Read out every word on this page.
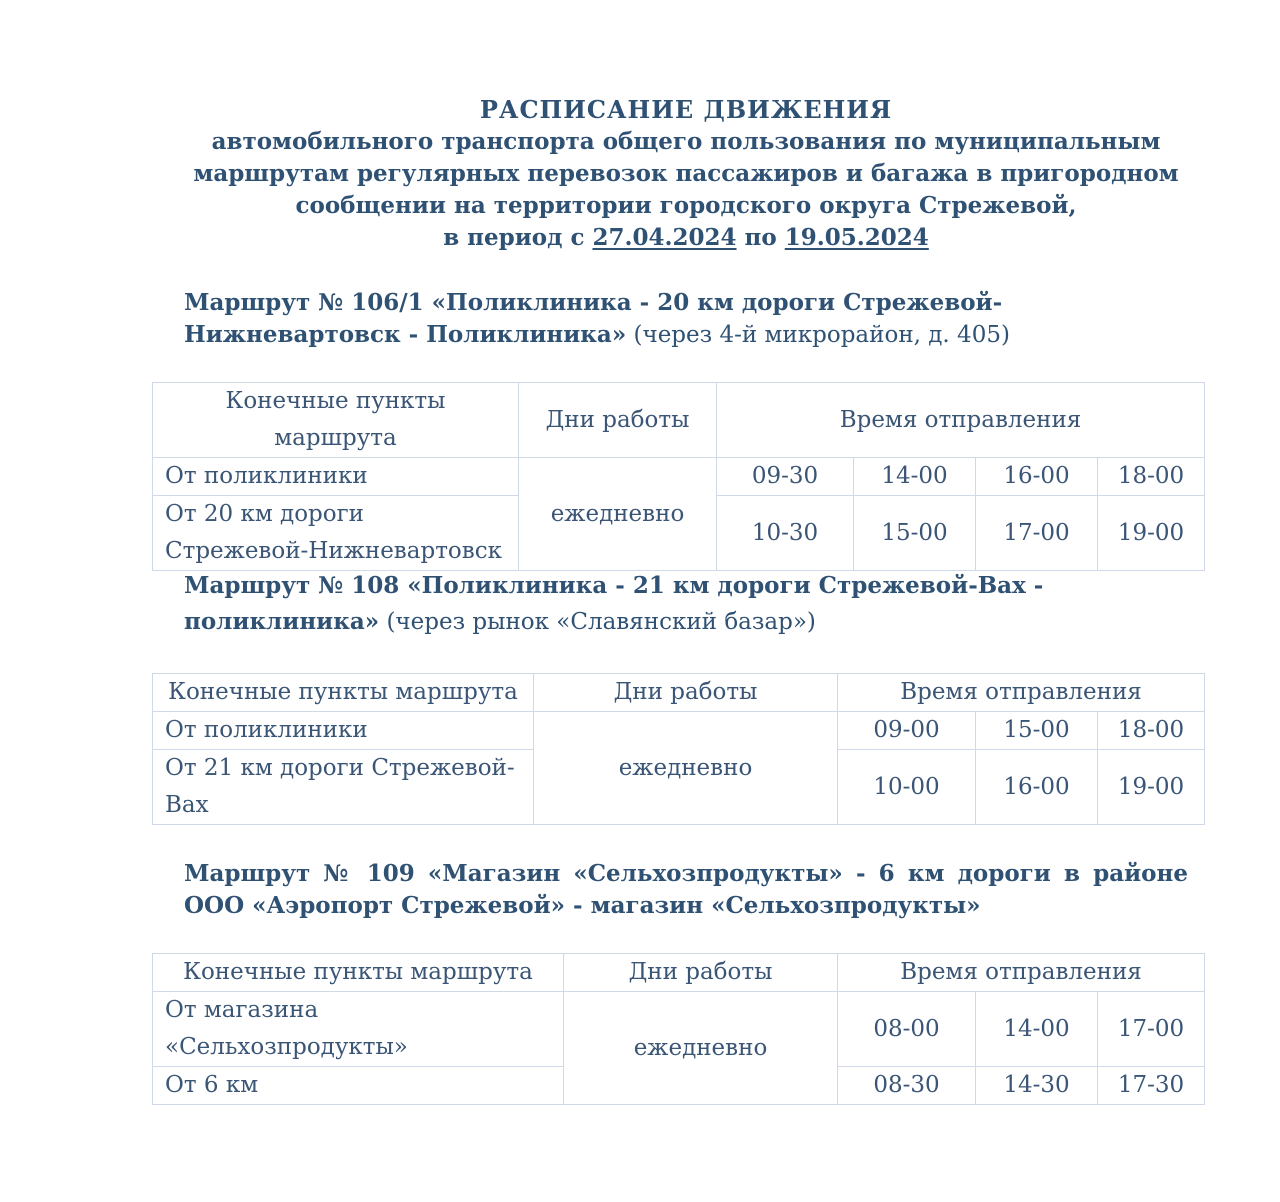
РАСПИСАНИЕ ДВИЖЕНИЯ
автомобильного транспорта общего пользования по муниципальным
маршрутам регулярных перевозок пассажиров и багажа в пригородном
сообщении на территории городского округа Стрежевой,
в период с 27.04.2024 по 19.05.2024
Маршрут № 106/1 «Поликлиника - 20 км дороги Стрежевой-Нижневартовск - Поликлиника» (через 4-й микрорайон, д. 405)
Конечные пункты маршрута	Дни работы	Время отправления			
От поликлиники	ежедневно	09-30	14-00	16-00	18-00
От 20 км дороги Стрежевой-Нижневартовск		10-30	15-00	17-00	19-00
Маршрут № 108 «Поликлиника - 21 км дороги Стрежевой-Вах - поликлиника» (через рынок «Славянский базар»)
Конечные пункты маршрута	Дни работы	Время отправления		
От поликлиники	ежедневно	09-00	15-00	18-00
От 21 км дороги Стрежевой-Вах		10-00	16-00	19-00
Маршрут № 109 «Магазин «Сельхозпродукты» - 6 км дороги в районе ООО «Аэропорт Стрежевой» - магазин «Сельхозпродукты»
Конечные пункты маршрута	Дни работы	Время отправления		
От магазина «Сельхозпродукты»	ежедневно	08-00	14-00	17-00
От 6 км		08-30	14-30	17-30
